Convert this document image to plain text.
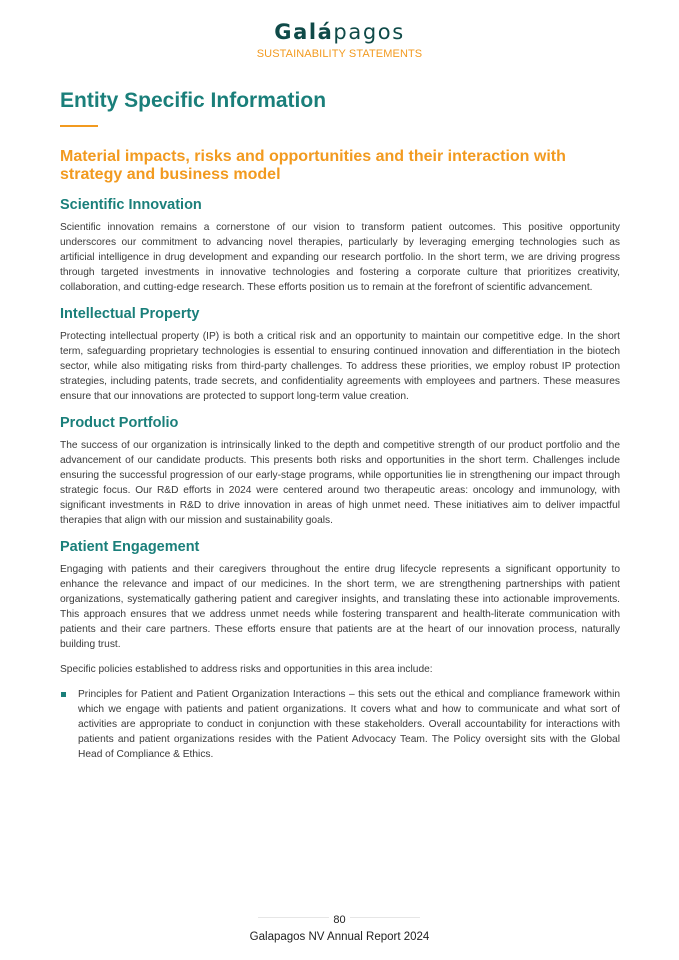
Galápagos
SUSTAINABILITY STATEMENTS
Entity Specific Information
Material impacts, risks and opportunities and their interaction with strategy and business model
Scientific Innovation

Scientific innovation remains a cornerstone of our vision to transform patient outcomes. This positive opportunity underscores our commitment to advancing novel therapies, particularly by leveraging emerging technologies such as artificial intelligence in drug development and expanding our research portfolio. In the short term, we are driving progress through targeted investments in innovative technologies and fostering a corporate culture that prioritizes creativity, collaboration, and cutting-edge research. These efforts position us to remain at the forefront of scientific advancement.

Intellectual Property

Protecting intellectual property (IP) is both a critical risk and an opportunity to maintain our competitive edge. In the short term, safeguarding proprietary technologies is essential to ensuring continued innovation and differentiation in the biotech sector, while also mitigating risks from third-party challenges. To address these priorities, we employ robust IP protection strategies, including patents, trade secrets, and confidentiality agreements with employees and partners. These measures ensure that our innovations are protected to support long-term value creation.

Product Portfolio

The success of our organization is intrinsically linked to the depth and competitive strength of our product portfolio and the advancement of our candidate products. This presents both risks and opportunities in the short term. Challenges include ensuring the successful progression of our early-stage programs, while opportunities lie in strengthening our impact through strategic focus. Our R&D efforts in 2024 were centered around two therapeutic areas: oncology and immunology, with significant investments in R&D to drive innovation in areas of high unmet need. These initiatives aim to deliver impactful therapies that align with our mission and sustainability goals.

Patient Engagement

Engaging with patients and their caregivers throughout the entire drug lifecycle represents a significant opportunity to enhance the relevance and impact of our medicines. In the short term, we are strengthening partnerships with patient organizations, systematically gathering patient and caregiver insights, and translating these into actionable improvements. This approach ensures that we address unmet needs while fostering transparent and health-literate communication with patients and their care partners. These efforts ensure that patients are at the heart of our innovation process, naturally building trust.

Specific policies established to address risks and opportunities in this area include:

Principles for Patient and Patient Organization Interactions – this sets out the ethical and compliance framework within which we engage with patients and patient organizations. It covers what and how to communicate and what sort of activities are appropriate to conduct in conjunction with these stakeholders. Overall accountability for interactions with patients and patient organizations resides with the Patient Advocacy Team. The Policy oversight sits with the Global Head of Compliance & Ethics.

80
Galapagos NV Annual Report 2024
